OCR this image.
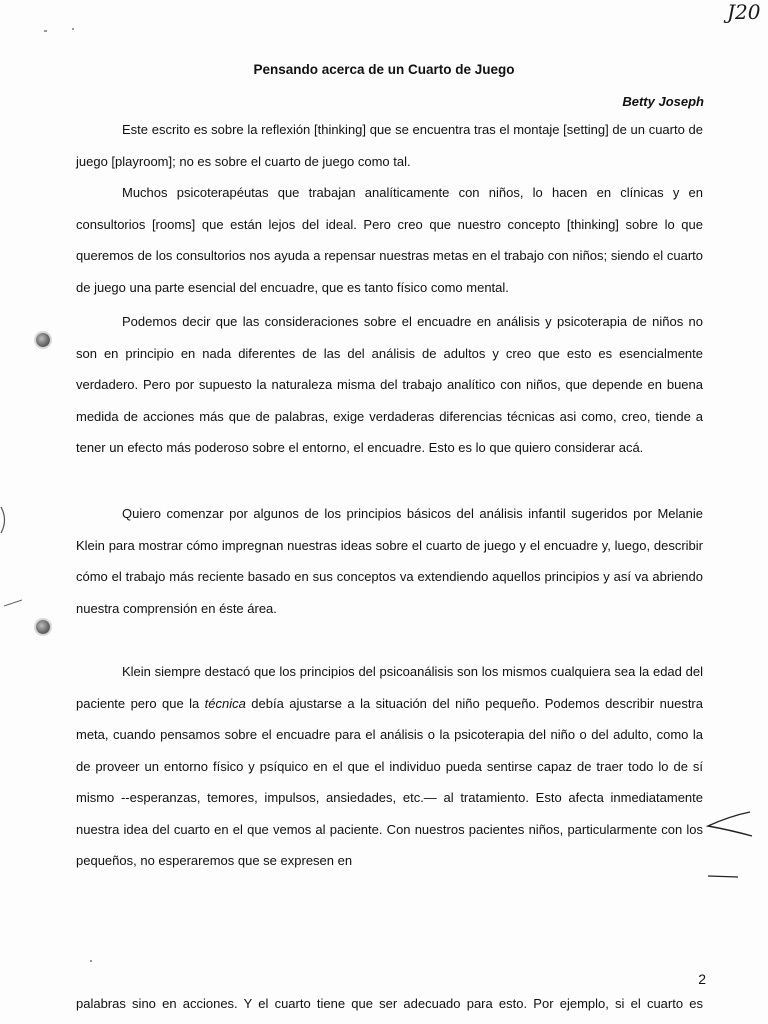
J20
Pensando acerca de un Cuarto de Juego
Betty Joseph

Este escrito es sobre la reflexión [thinking] que se encuentra tras el montaje [setting] de un cuarto de juego [playroom]; no es sobre el cuarto de juego como tal.

Muchos psicoterapéutas que trabajan analíticamente con niños, lo hacen en clínicas y en consultorios [rooms] que están lejos del ideal. Pero creo que nuestro concepto [thinking] sobre lo que queremos de los consultorios nos ayuda a repensar nuestras metas en el trabajo con niños; siendo el cuarto de juego una parte esencial del encuadre, que es tanto físico como mental.

Podemos decir que las consideraciones sobre el encuadre en análisis y psicoterapia de niños no son en principio en nada diferentes de las del análisis de adultos y creo que esto es esencialmente verdadero. Pero por supuesto la naturaleza misma del trabajo analítico con niños, que depende en buena medida de acciones más que de palabras, exige verdaderas diferencias técnicas asi como, creo, tiende a tener un efecto más poderoso sobre el entorno, el encuadre. Esto es lo que quiero considerar acá.

Quiero comenzar por algunos de los principios básicos del análisis infantil sugeridos por Melanie Klein para mostrar cómo impregnan nuestras ideas sobre el cuarto de juego y el encuadre y, luego, describir cómo el trabajo más reciente basado en sus conceptos va extendiendo aquellos principios y así va abriendo nuestra comprensión en éste área.

Klein siempre destacó que los principios del psicoanálisis son los mismos cualquiera sea la edad del paciente pero que la técnica debía ajustarse a la situación del niño pequeño. Podemos describir nuestra meta, cuando pensamos sobre el encuadre para el análisis o la psicoterapia del niño o del adulto, como la de proveer un entorno físico y psíquico en el que el individuo pueda sentirse capaz de traer todo lo de sí mismo --esperanzas, temores, impulsos, ansiedades, etc.— al tratamiento. Esto afecta inmediatamente nuestra idea del cuarto en el que vemos al paciente. Con nuestros pacientes niños, particularmente con los pequeños, no esperaremos que se expresen en

2
palabras sino en acciones. Y el cuarto tiene que ser adecuado para esto. Por ejemplo, si el cuarto es
